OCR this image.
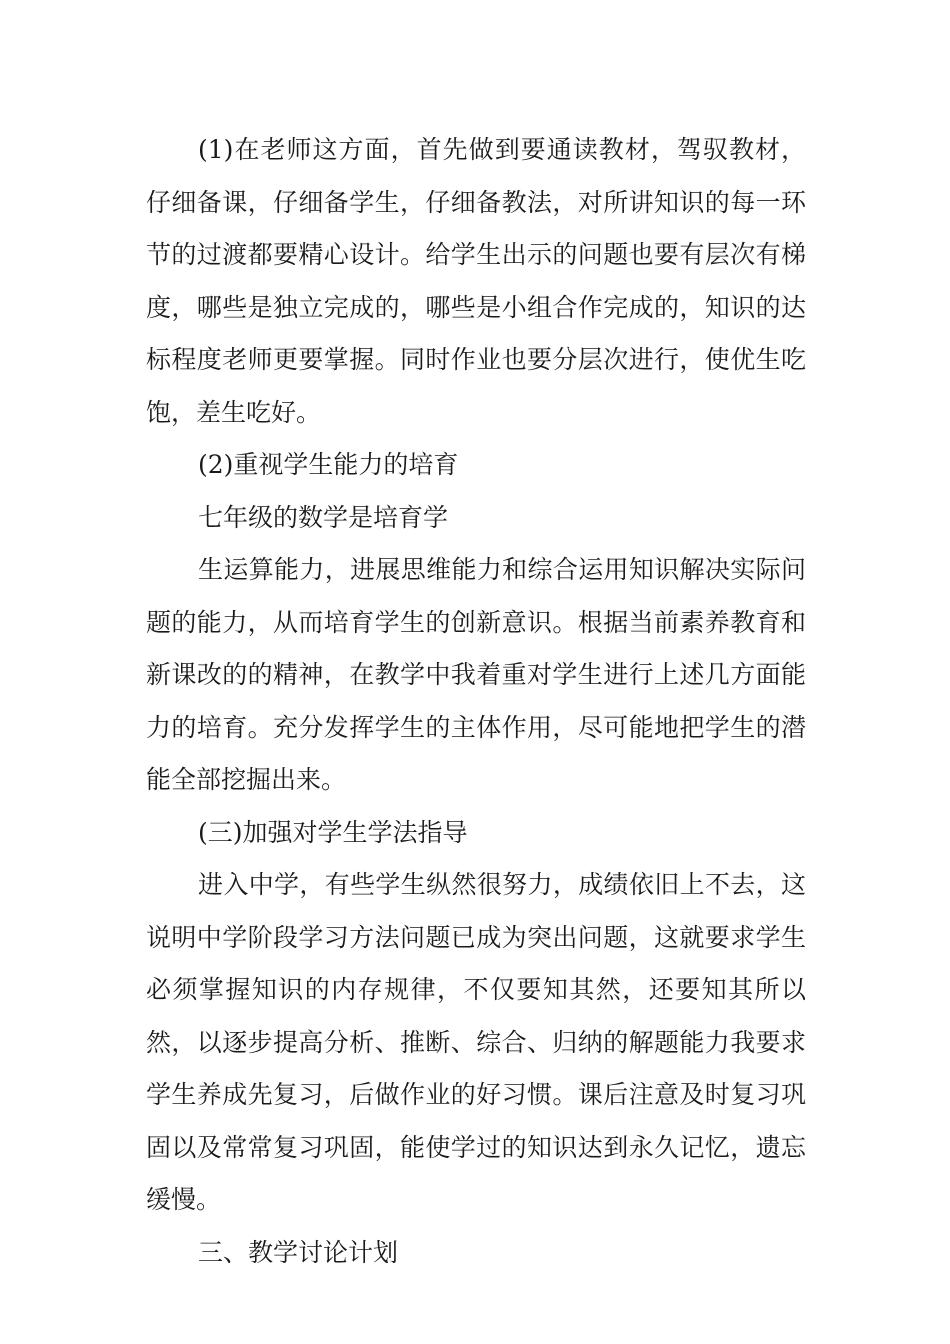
(1)在老师这方面，首先做到要通读教材，驾驭教材，仔细备课，仔细备学生，仔细备教法，对所讲知识的每一环节的过渡都要精心设计。给学生出示的问题也要有层次有梯度，哪些是独立完成的，哪些是小组合作完成的，知识的达标程度老师更要掌握。同时作业也要分层次进行，使优生吃饱，差生吃好。

(2)重视学生能力的培育

七年级的数学是培育学

生运算能力，进展思维能力和综合运用知识解决实际问题的能力，从而培育学生的创新意识。根据当前素养教育和新课改的的精神，在教学中我着重对学生进行上述几方面能力的培育。充分发挥学生的主体作用，尽可能地把学生的潜能全部挖掘出来。

(三)加强对学生学法指导

进入中学，有些学生纵然很努力，成绩依旧上不去，这说明中学阶段学习方法问题已成为突出问题，这就要求学生必须掌握知识的内存规律，不仅要知其然，还要知其所以然，以逐步提高分析、推断、综合、归纳的解题能力我要求学生养成先复习，后做作业的好习惯。课后注意及时复习巩固以及常常复习巩固，能使学过的知识达到永久记忆，遗忘缓慢。

三、教学讨论计划
